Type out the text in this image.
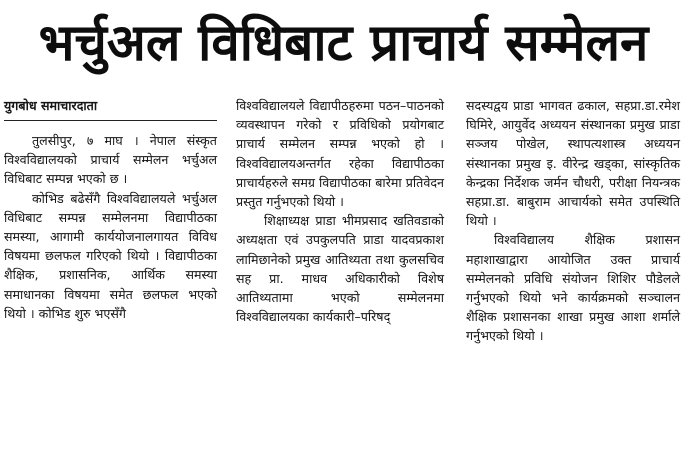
भर्चुअल विधिबाट प्राचार्य सम्मेलन
युगबोध समाचारदाता

तुलसीपुर, ७ माघ । नेपाल संस्कृत विश्वविद्यालयको प्राचार्य सम्मेलन भर्चुअल विधिबाट सम्पन्न भएको छ ।

कोभिड बढेसँगै विश्वविद्यालयले भर्चुअल विधिबाट सम्पन्न सम्मेलनमा विद्यापीठका समस्या, आगामी कार्ययोजनालगायत विविध विषयमा छलफल गरिएको थियो । विद्यापीठका शैक्षिक, प्रशासनिक, आर्थिक समस्या समाधानका विषयमा समेत छलफल भएको थियो । कोभिड शुरु भएसँगै

विश्वविद्यालयले विद्यापीठहरुमा पठन–पाठनको व्यवस्थापन गरेको र प्रविधिको प्रयोगबाट प्राचार्य सम्मेलन सम्पन्न भएको हो । विश्वविद्यालयअन्तर्गत रहेका विद्यापीठका प्राचार्यहरुले समग्र विद्यापीठका बारेमा प्रतिवेदन प्रस्तुत गर्नुभएको थियो ।

शिक्षाध्यक्ष प्राडा भीमप्रसाद खतिवडाको अध्यक्षता एवं उपकुलपति प्राडा यादवप्रकाश लामिछानेको प्रमुख आतिथ्यता तथा कुलसचिव सह प्रा. माधव अधिकारीको विशेष आतिथ्यतामा भएको सम्मेलनमा विश्वविद्यालयका कार्यकारी–परिषद्

सदस्यद्वय प्राडा भागवत ढकाल, सहप्रा.डा.रमेश घिमिरे, आयुर्वेद अध्ययन संस्थानका प्रमुख प्राडा सञ्जय पोखेल, स्थापत्यशास्त्र अध्ययन संस्थानका प्रमुख इ. वीरेन्द्र खड्का, सांस्कृतिक केन्द्रका निर्देशक जर्मन चौधरी, परीक्षा नियन्त्रक सहप्रा.डा. बाबुराम आचार्यको समेत उपस्थिति थियो ।

विश्वविद्यालय शैक्षिक प्रशासन महाशाखाद्वारा आयोजित उक्त प्राचार्य सम्मेलनको प्रविधि संयोजन शिशिर पौडेलले गर्नुभएको थियो भने कार्यक्रमको सञ्चालन शैक्षिक प्रशासनका शाखा प्रमुख आशा शर्माले गर्नुभएको थियो ।
